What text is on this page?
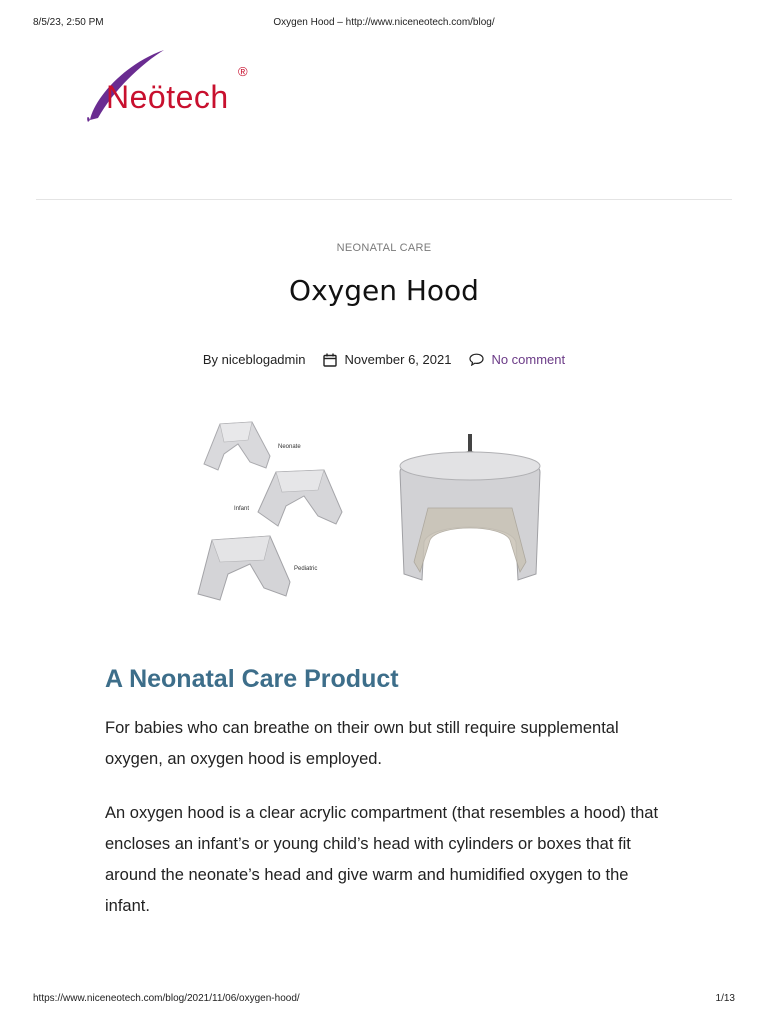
8/5/23, 2:50 PM	Oxygen Hood – http://www.niceneotech.com/blog/
Neötech
®
NEONATAL CARE
Oxygen Hood
By niceblogadmin	November 6, 2021	No comment
Neonate
Infant
Pediatric
A Neonatal Care Product

For babies who can breathe on their own but still require supplemental oxygen, an oxygen hood is employed.

An oxygen hood is a clear acrylic compartment (that resembles a hood) that encloses an infant’s or young child’s head with cylinders or boxes that fit around the neonate’s head and give warm and humidified oxygen to the infant.

https://www.niceneotech.com/blog/2021/11/06/oxygen-hood/	1/13
